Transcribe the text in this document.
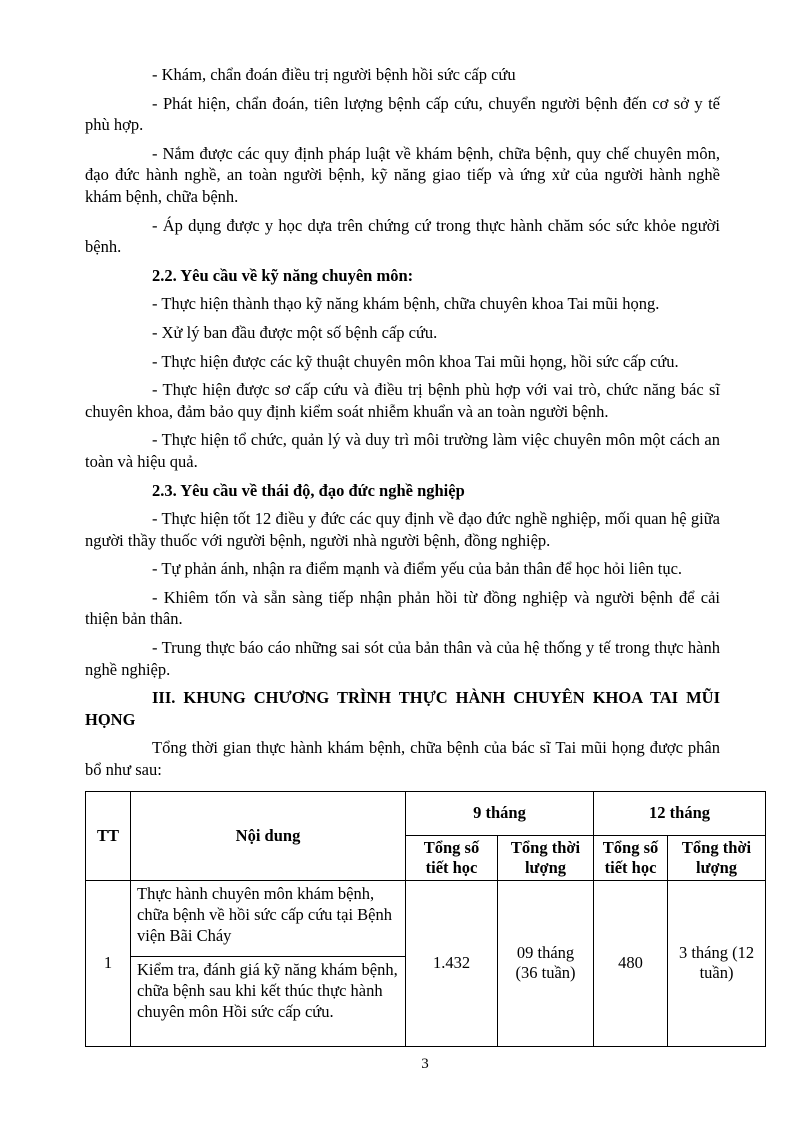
- Khám, chẩn đoán điều trị người bệnh hồi sức cấp cứu

- Phát hiện, chẩn đoán, tiên lượng bệnh cấp cứu, chuyển người bệnh đến cơ sở y tế phù hợp.

- Nắm được các quy định pháp luật về khám bệnh, chữa bệnh, quy chế chuyên môn, đạo đức hành nghề, an toàn người bệnh, kỹ năng giao tiếp và ứng xử của người hành nghề khám bệnh, chữa bệnh.

- Áp dụng được y học dựa trên chứng cứ trong thực hành chăm sóc sức khỏe người bệnh.

2.2. Yêu cầu về kỹ năng chuyên môn:

- Thực hiện thành thạo kỹ năng khám bệnh, chữa chuyên khoa Tai mũi họng.

- Xử lý ban đầu được một số bệnh cấp cứu.

- Thực hiện được các kỹ thuật chuyên môn khoa Tai mũi họng, hồi sức cấp cứu.

- Thực hiện được sơ cấp cứu và điều trị bệnh phù hợp với vai trò, chức năng bác sĩ chuyên khoa, đảm bảo quy định kiểm soát nhiễm khuẩn và an toàn người bệnh.

- Thực hiện tổ chức, quản lý và duy trì môi trường làm việc chuyên môn một cách an toàn và hiệu quả.

2.3. Yêu cầu về thái độ, đạo đức nghề nghiệp

- Thực hiện tốt 12 điều y đức các quy định về đạo đức nghề nghiệp, mối quan hệ giữa người thầy thuốc với người bệnh, người nhà người bệnh, đồng nghiệp.

- Tự phản ánh, nhận ra điểm mạnh và điểm yếu của bản thân để học hỏi liên tục.

- Khiêm tốn và sẵn sàng tiếp nhận phản hồi từ đồng nghiệp và người bệnh để cải thiện bản thân.

- Trung thực báo cáo những sai sót của bản thân và của hệ thống y tế trong thực hành nghề nghiệp.

III. KHUNG CHƯƠNG TRÌNH THỰC HÀNH CHUYÊN KHOA TAI MŨI HỌNG

Tổng thời gian thực hành khám bệnh, chữa bệnh của bác sĩ Tai mũi họng được phân bổ như sau:

TT	Nội dung	9 tháng		12 tháng	
		Tổng số tiết học	Tổng thời lượng	Tổng số tiết học	Tổng thời lượng
1	Thực hành chuyên môn khám bệnh, chữa bệnh về hồi sức cấp cứu tại Bệnh viện Bãi Cháy	1.432	09 tháng (36 tuần)	480	3 tháng (12 tuần)
	Kiểm tra, đánh giá kỹ năng khám bệnh, chữa bệnh sau khi kết thúc thực hành chuyên môn Hồi sức cấp cứu.				
3
